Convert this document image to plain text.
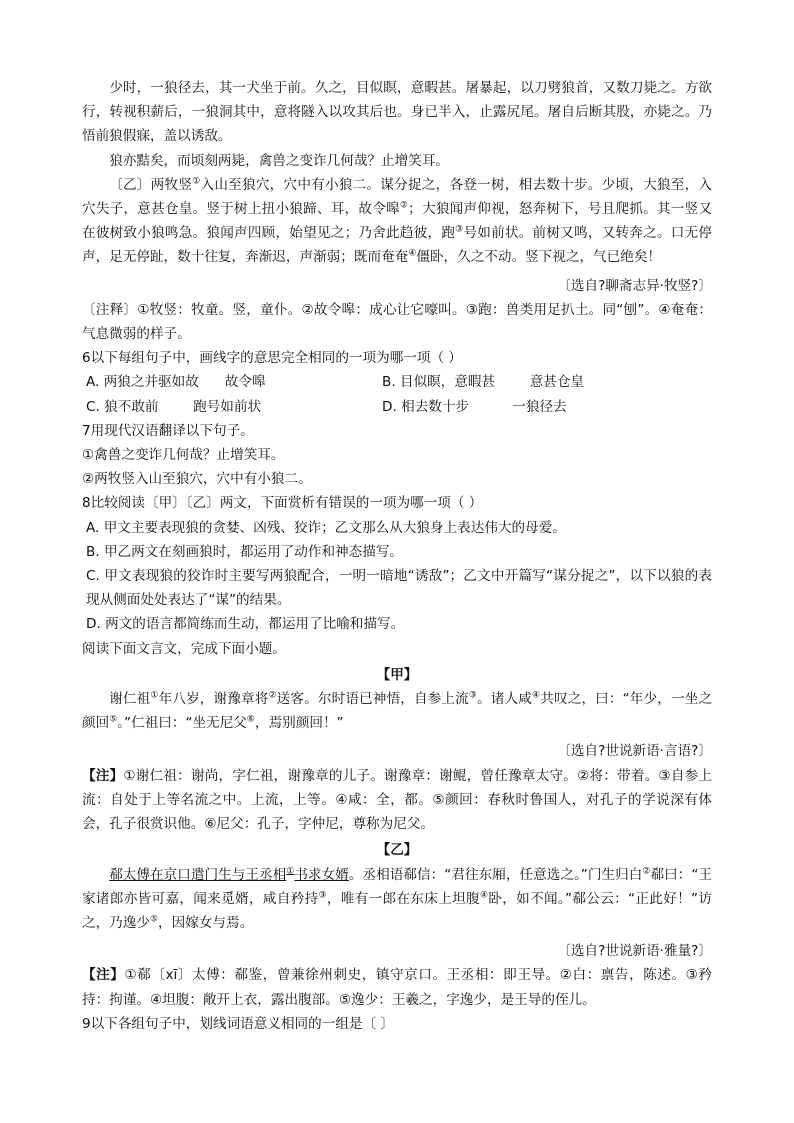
少时，一狼径去，其一犬坐于前。久之，目似瞑，意暇甚。屠暴起，以刀劈狼首，又数刀毙之。方欲行，转视积薪后，一狼洞其中，意将隧入以攻其后也。身已半入，止露尻尾。屠自后断其股，亦毙之。乃悟前狼假寐，盖以诱敌。

狼亦黠矣，而顷刻两毙，禽兽之变诈几何哉？止增笑耳。

〔乙〕两牧竖①入山至狼穴，穴中有小狼二。谋分捉之，各登一树，相去数十步。少顷，大狼至，入穴失子，意甚仓皇。竖于树上扭小狼蹄、耳，故令嗥②；大狼闻声仰视，怒奔树下，号且爬抓。其一竖又在彼树致小狼鸣急。狼闻声四顾，始望见之；乃舍此趋彼，跑③号如前状。前树又鸣，又转奔之。口无停声，足无停趾，数十往复，奔渐迟，声渐弱；既而奄奄④僵卧，久之不动。竖下视之，气已绝矣！

〔选自?聊斋志异·牧竖?〕

〔注释〕①牧竖：牧童。竖，童仆。②故令嗥：成心让它嚎叫。③跑：兽类用足扒土。同“刨”。④奄奄：气息微弱的样子。

6以下每组句子中，画线字的意思完全相同的一项为哪一项（ ）

A. 两狼之并驱如故      故令嗥	B. 目似瞑，意暇甚        意甚仓皇
C. 狼不敢前        跑号如前状	D. 相去数十步          一狼径去

7用现代汉语翻译以下句子。

①禽兽之变诈几何哉？止增笑耳。

②两牧竖入山至狼穴，穴中有小狼二。

8比较阅读〔甲〕〔乙〕两文，下面赏析有错误的一项为哪一项（ ）

A. 甲文主要表现狼的贪婪、凶残、狡诈；乙文那么从大狼身上表达伟大的母爱。

B. 甲乙两文在刻画狼时，都运用了动作和神态描写。

C. 甲文表现狼的狡诈时主要写两狼配合，一明一暗地“诱敌”；乙文中开篇写“谋分捉之”，以下以狼的表现从侧面处处表达了“谋”的结果。

D. 两文的语言都简练而生动，都运用了比喻和描写。

阅读下面文言文，完成下面小题。

【甲】

谢仁祖①年八岁，谢豫章将②送客。尔时语已神悟，自参上流③。诸人咸④共叹之，曰：“年少，一坐之颜回⑤。”仁祖曰：“坐无尼父⑥，焉别颜回！”

〔选自?世说新语·言语?〕

【注】①谢仁祖：谢尚，字仁祖，谢豫章的儿子。谢豫章：谢鲲，曾任豫章太守。②将：带着。③自参上流：自处于上等名流之中。上流，上等。④咸：全，都。⑤颜回：春秋时鲁国人，对孔子的学说深有体会，孔子很赏识他。⑥尼父：孔子，字仲尼，尊称为尼父。

【乙】

郗太傅在京口遣门生与王丞相①书求女婿。丞相语郗信：“君往东厢，任意选之。”门生归白②郗曰：“王家诸郎亦皆可嘉，闻来觅婿，咸自矜持③，唯有一郎在东床上坦腹④卧，如不闻。”郗公云：“正此好！”访之，乃逸少⑤，因嫁女与焉。

〔选自?世说新语·雅量?〕

【注】①郗〔xī〕太傅：郗鉴，曾兼徐州刺史，镇守京口。王丞相：即王导。②白：禀告，陈述。③矜持：拘谨。④坦腹：敞开上衣，露出腹部。⑤逸少：王羲之，字逸少，是王导的侄儿。

9以下各组句子中，划线词语意义相同的一组是〔 〕
